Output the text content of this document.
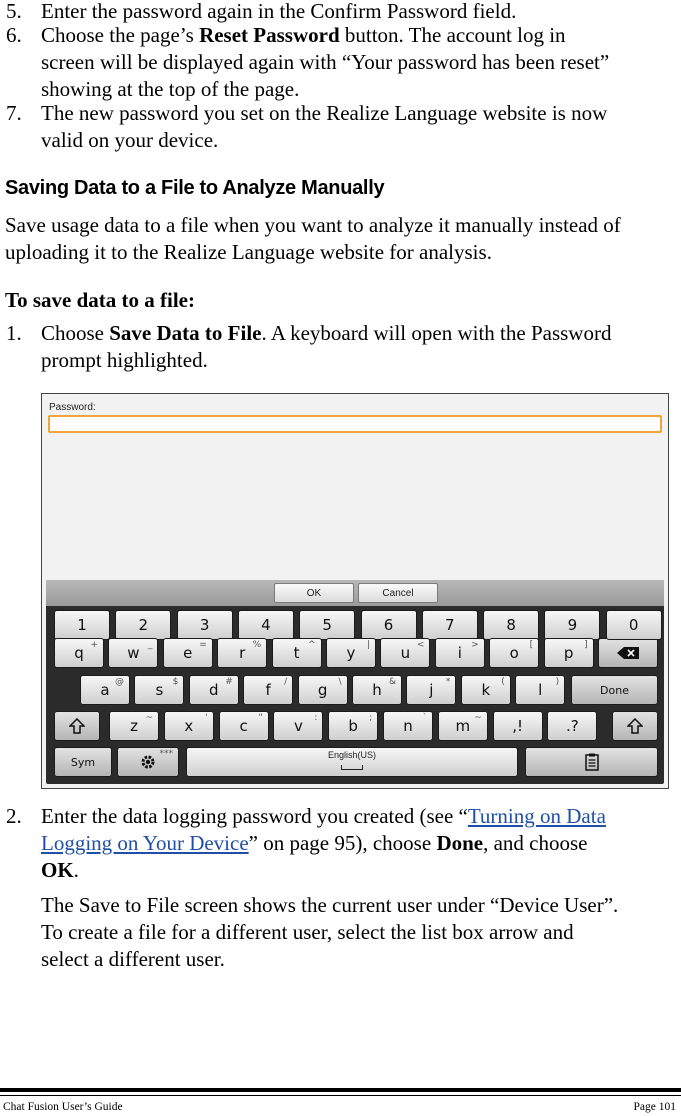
5. Enter the password again in the Confirm Password field.
6. Choose the page’s Reset Password button. The account log in
screen will be displayed again with “Your password has been reset”
showing at the top of the page.
7. The new password you set on the Realize Language website is now
valid on your device.
Saving Data to a File to Analyze Manually
Save usage data to a file when you want to analyze it manually instead of
uploading it to the Realize Language website for analysis.
To save data to a file:
1. Choose Save Data to File. A keyboard will open with the Password
prompt highlighted.
Password:
OK	Cancel
Done
Sym
***	English(US)
1	2	3	4	5	6	7	8	9	0
q + w _ e = r % t ^ y | u < i > o [ p ]
a @ s $ d # f / g \ h & j * k ( l )
z ~ x ' c " v : b ; n ` m ~ ,!	.?
2. Enter the data logging password you created (see “Turning on Data
Logging on Your Device” on page 95), choose Done, and choose
OK.
The Save to File screen shows the current user under “Device User”.
To create a file for a different user, select the list box arrow and
select a different user.
Chat Fusion User’s Guide	Page 101
